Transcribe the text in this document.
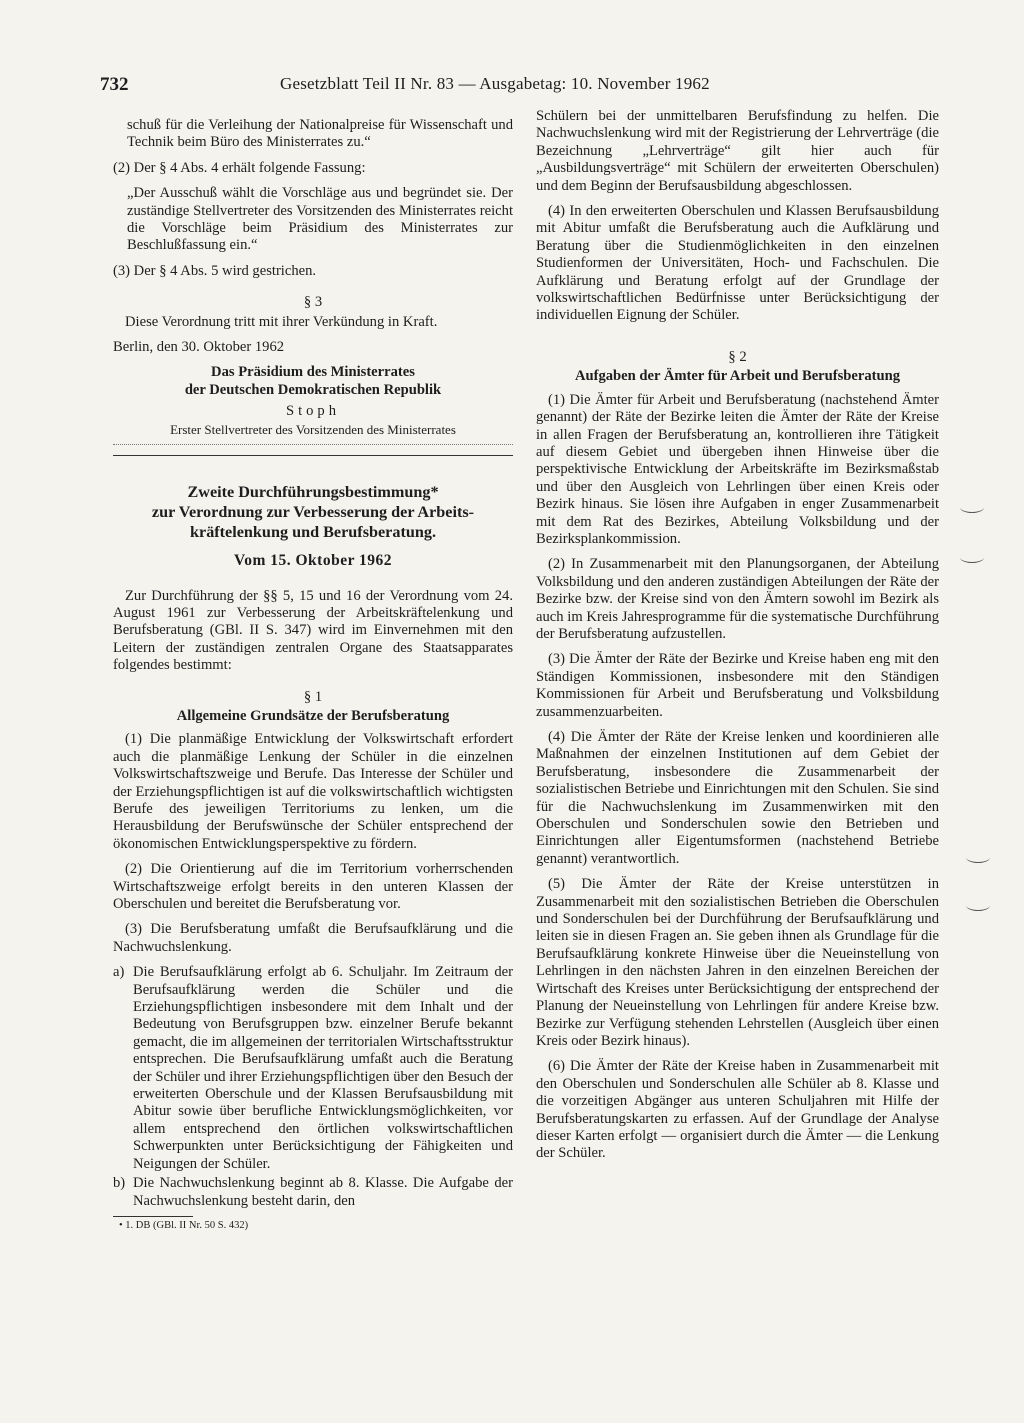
732	Gesetzblatt Teil II Nr. 83 — Ausgabetag: 10. November 1962

schuß für die Verleihung der Nationalpreise für Wissenschaft und Technik beim Büro des Ministerrates zu.“

(2) Der § 4 Abs. 4 erhält folgende Fassung:

„Der Ausschuß wählt die Vorschläge aus und begründet sie. Der zuständige Stellvertreter des Vorsitzenden des Ministerrates reicht die Vorschläge beim Präsidium des Ministerrates zur Beschlußfassung ein.“

(3) Der § 4 Abs. 5 wird gestrichen.

§ 3

Diese Verordnung tritt mit ihrer Verkündung in Kraft.

Berlin, den 30. Oktober 1962

Das Präsidium des Ministerrates

der Deutschen Demokratischen Republik

Stoph

Erster Stellvertreter des Vorsitzenden des Ministerrates

Zweite Durchführungsbestimmung*
zur Verordnung zur Verbesserung der Arbeits-
kräftelenkung und Berufsberatung.

Vom 15. Oktober 1962

Zur Durchführung der §§ 5, 15 und 16 der Verordnung vom 24. August 1961 zur Verbesserung der Arbeitskräftelenkung und Berufsberatung (GBl. II S. 347) wird im Einvernehmen mit den Leitern der zuständigen zentralen Organe des Staatsapparates folgendes bestimmt:

§ 1

Allgemeine Grundsätze der Berufsberatung

(1) Die planmäßige Entwicklung der Volkswirtschaft erfordert auch die planmäßige Lenkung der Schüler in die einzelnen Volkswirtschaftszweige und Berufe. Das Interesse der Schüler und der Erziehungspflichtigen ist auf die volkswirtschaftlich wichtigsten Berufe des jeweiligen Territoriums zu lenken, um die Herausbildung der Berufswünsche der Schüler entsprechend der ökonomischen Entwicklungsperspektive zu fördern.

(2) Die Orientierung auf die im Territorium vorherrschenden Wirtschaftszweige erfolgt bereits in den unteren Klassen der Oberschulen und bereitet die Berufsberatung vor.

(3) Die Berufsberatung umfaßt die Berufsaufklärung und die Nachwuchslenkung.

a) Die Berufsaufklärung erfolgt ab 6. Schuljahr. Im Zeitraum der Berufsaufklärung werden die Schüler und die Erziehungspflichtigen insbesondere mit dem Inhalt und der Bedeutung von Berufsgruppen bzw. einzelner Berufe bekannt gemacht, die im allgemeinen der territorialen Wirtschaftsstruktur entsprechen. Die Berufsaufklärung umfaßt auch die Beratung der Schüler und ihrer Erziehungspflichtigen über den Besuch der erweiterten Oberschule und der Klassen Berufsausbildung mit Abitur sowie über berufliche Entwicklungsmöglichkeiten, vor allem entsprechend den örtlichen volkswirtschaftlichen Schwerpunkten unter Berücksichtigung der Fähigkeiten und Neigungen der Schüler.
b) Die Nachwuchslenkung beginnt ab 8. Klasse. Die Aufgabe der Nachwuchslenkung besteht darin, den
• 1. DB (GBl. II Nr. 50 S. 432)

Schülern bei der unmittelbaren Berufsfindung zu helfen. Die Nachwuchslenkung wird mit der Registrierung der Lehrverträge (die Bezeichnung „Lehrverträge“ gilt hier auch für „Ausbildungsverträge“ mit Schülern der erweiterten Oberschulen) und dem Beginn der Berufsausbildung abgeschlossen.

(4) In den erweiterten Oberschulen und Klassen Berufsausbildung mit Abitur umfaßt die Berufsberatung auch die Aufklärung und Beratung über die Studienmöglichkeiten in den einzelnen Studienformen der Universitäten, Hoch- und Fachschulen. Die Aufklärung und Beratung erfolgt auf der Grundlage der volkswirtschaftlichen Bedürfnisse unter Berücksichtigung der individuellen Eignung der Schüler.

§ 2

Aufgaben der Ämter für Arbeit und Berufsberatung

(1) Die Ämter für Arbeit und Berufsberatung (nachstehend Ämter genannt) der Räte der Bezirke leiten die Ämter der Räte der Kreise in allen Fragen der Berufsberatung an, kontrollieren ihre Tätigkeit auf diesem Gebiet und übergeben ihnen Hinweise über die perspektivische Entwicklung der Arbeitskräfte im Bezirksmaßstab und über den Ausgleich von Lehrlingen über einen Kreis oder Bezirk hinaus. Sie lösen ihre Aufgaben in enger Zusammenarbeit mit dem Rat des Bezirkes, Abteilung Volksbildung und der Bezirksplankommission.

(2) In Zusammenarbeit mit den Planungsorganen, der Abteilung Volksbildung und den anderen zuständigen Abteilungen der Räte der Bezirke bzw. der Kreise sind von den Ämtern sowohl im Bezirk als auch im Kreis Jahresprogramme für die systematische Durchführung der Berufsberatung aufzustellen.

(3) Die Ämter der Räte der Bezirke und Kreise haben eng mit den Ständigen Kommissionen, insbesondere mit den Ständigen Kommissionen für Arbeit und Berufsberatung und Volksbildung zusammenzuarbeiten.

(4) Die Ämter der Räte der Kreise lenken und koordinieren alle Maßnahmen der einzelnen Institutionen auf dem Gebiet der Berufsberatung, insbesondere die Zusammenarbeit der sozialistischen Betriebe und Einrichtungen mit den Schulen. Sie sind für die Nachwuchslenkung im Zusammenwirken mit den Oberschulen und Sonderschulen sowie den Betrieben und Einrichtungen aller Eigentumsformen (nachstehend Betriebe genannt) verantwortlich.

(5) Die Ämter der Räte der Kreise unterstützen in Zusammenarbeit mit den sozialistischen Betrieben die Oberschulen und Sonderschulen bei der Durchführung der Berufsaufklärung und leiten sie in diesen Fragen an. Sie geben ihnen als Grundlage für die Berufsaufklärung konkrete Hinweise über die Neueinstellung von Lehrlingen in den nächsten Jahren in den einzelnen Bereichen der Wirtschaft des Kreises unter Berücksichtigung der entsprechend der Planung der Neueinstellung von Lehrlingen für andere Kreise bzw. Bezirke zur Verfügung stehenden Lehrstellen (Ausgleich über einen Kreis oder Bezirk hinaus).

(6) Die Ämter der Räte der Kreise haben in Zusammenarbeit mit den Oberschulen und Sonderschulen alle Schüler ab 8. Klasse und die vorzeitigen Abgänger aus unteren Schuljahren mit Hilfe der Berufsberatungskarten zu erfassen. Auf der Grundlage der Analyse dieser Karten erfolgt — organisiert durch die Ämter — die Lenkung der Schüler.
